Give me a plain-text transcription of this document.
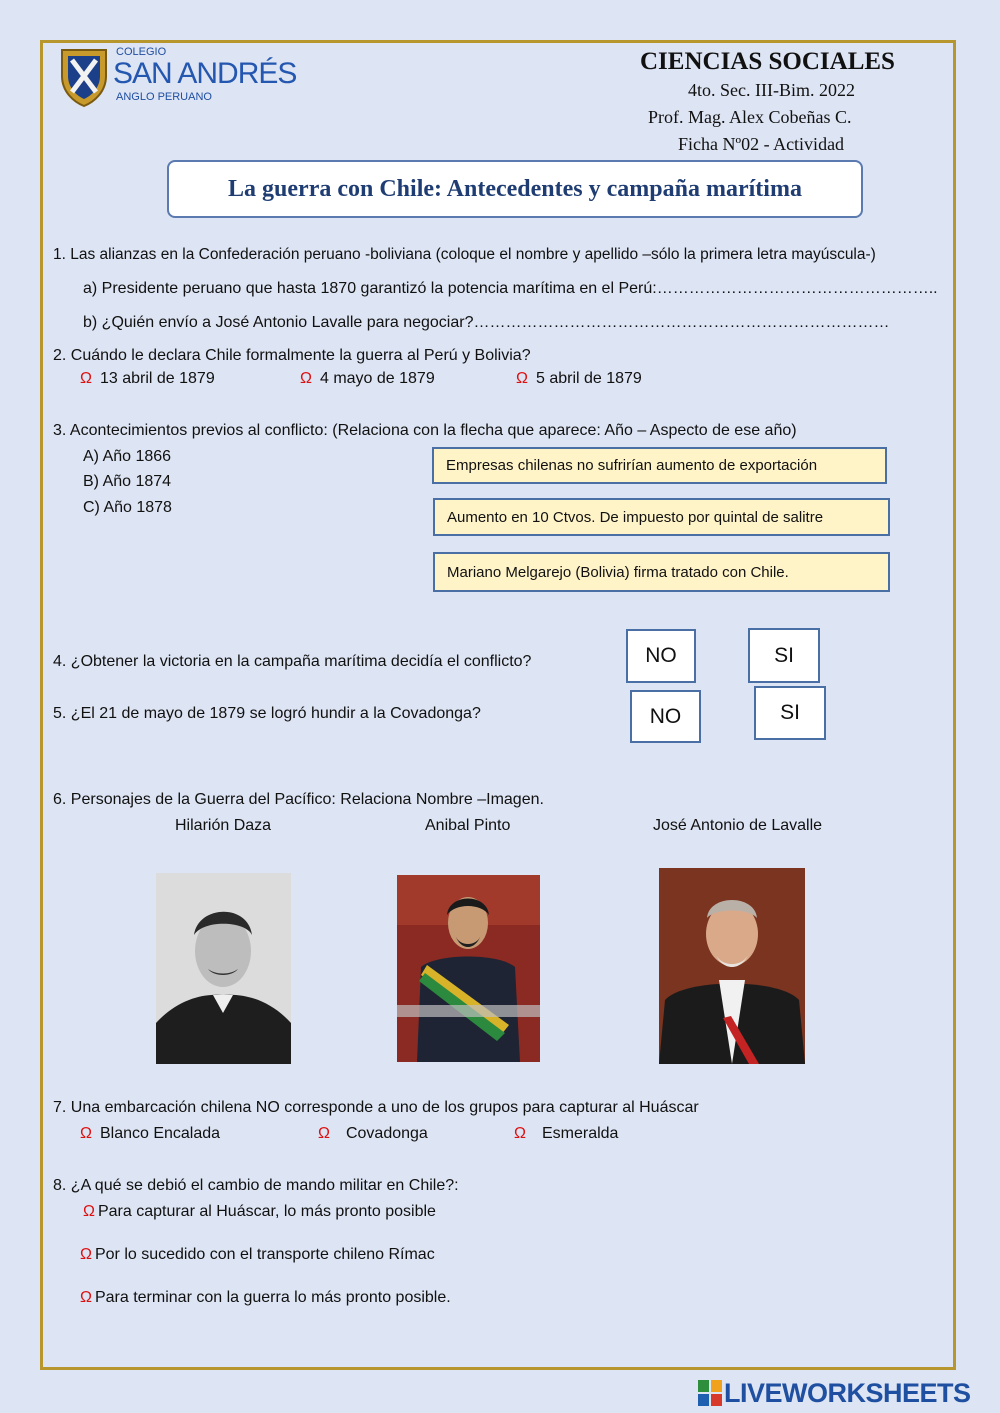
COLEGIO
SAN ANDRÉS
ANGLO PERUANO
CIENCIAS SOCIALES
4to. Sec. III-Bim. 2022
Prof. Mag. Alex Cobeñas C.
Ficha Nº02 - Actividad
La guerra con Chile: Antecedentes y campaña marítima
1. Las alianzas en la Confederación peruano -boliviana (coloque el nombre y apellido –sólo la primera letra mayúscula-)
a) Presidente peruano que hasta 1870 garantizó la potencia marítima en el Perú:……………………………………………..
b) ¿Quién envío a José Antonio Lavalle para negociar?……………………………………………………………………
2. Cuándo le declara Chile formalmente la guerra al Perú y Bolivia?
Ω 13 abril de 1879	Ω 4 mayo de 1879	Ω 5 abril de 1879
3. Acontecimientos previos al conflicto: (Relaciona con la flecha que aparece: Año – Aspecto de ese año)
A) Año 1866
B) Año 1874
C) Año 1878
Empresas chilenas no sufrirían aumento de exportación
Aumento en 10 Ctvos. De impuesto por quintal de salitre
Mariano Melgarejo (Bolivia) firma tratado con Chile.
4. ¿Obtener la victoria en la campaña marítima decidía el conflicto?	NO	SI
5. ¿El 21 de mayo de 1879 se logró hundir a la Covadonga?	NO	SI
6. Personajes de la Guerra del Pacífico: Relaciona Nombre –Imagen.
Hilarión Daza	Anibal Pinto	José Antonio de Lavalle
7. Una embarcación chilena NO corresponde a uno de los grupos para capturar al Huáscar
Ω Blanco Encalada	Ω Covadonga	Ω Esmeralda
8. ¿A qué se debió el cambio de mando militar en Chile?:
Ω Para capturar al Huáscar, lo más pronto posible
Ω Por lo sucedido con el transporte chileno Rímac
Ω Para terminar con la guerra lo más pronto posible.
LIVEWORKSHEETS
